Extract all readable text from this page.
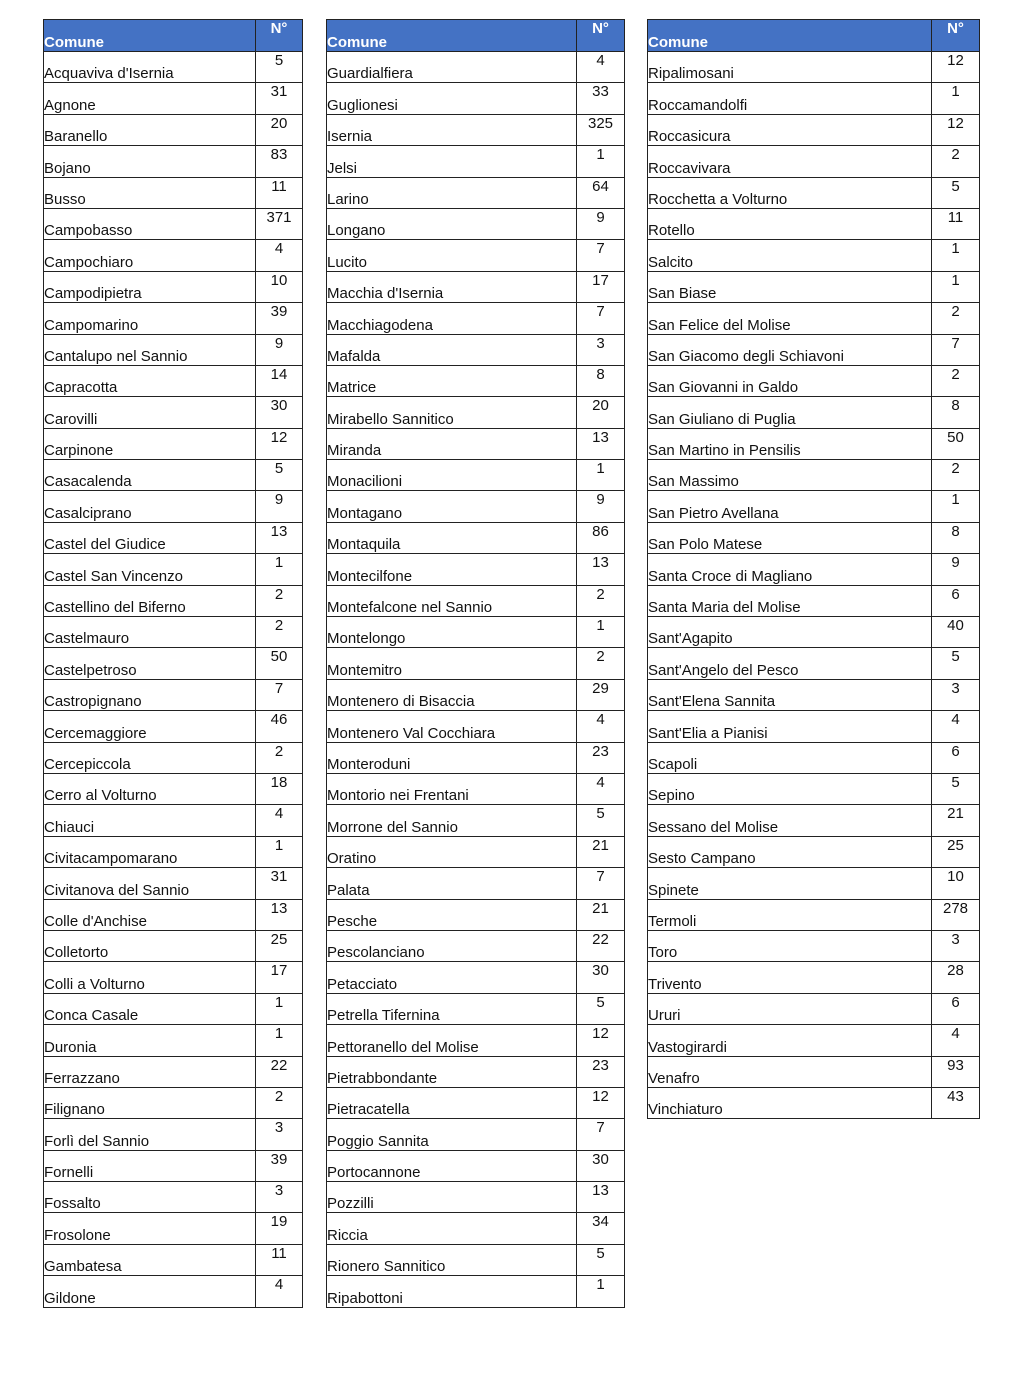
Comune	N°
Acquaviva d'Isernia	5
Agnone	31
Baranello	20
Bojano	83
Busso	11
Campobasso	371
Campochiaro	4
Campodipietra	10
Campomarino	39
Cantalupo nel Sannio	9
Capracotta	14
Carovilli	30
Carpinone	12
Casacalenda	5
Casalciprano	9
Castel del Giudice	13
Castel San Vincenzo	1
Castellino del Biferno	2
Castelmauro	2
Castelpetroso	50
Castropignano	7
Cercemaggiore	46
Cercepiccola	2
Cerro al Volturno	18
Chiauci	4
Civitacampomarano	1
Civitanova del Sannio	31
Colle d'Anchise	13
Colletorto	25
Colli a Volturno	17
Conca Casale	1
Duronia	1
Ferrazzano	22
Filignano	2
Forlì del Sannio	3
Fornelli	39
Fossalto	3
Frosolone	19
Gambatesa	11
Gildone	4
Comune	N°
Guardialfiera	4
Guglionesi	33
Isernia	325
Jelsi	1
Larino	64
Longano	9
Lucito	7
Macchia d'Isernia	17
Macchiagodena	7
Mafalda	3
Matrice	8
Mirabello Sannitico	20
Miranda	13
Monacilioni	1
Montagano	9
Montaquila	86
Montecilfone	13
Montefalcone nel Sannio	2
Montelongo	1
Montemitro	2
Montenero di Bisaccia	29
Montenero Val Cocchiara	4
Monteroduni	23
Montorio nei Frentani	4
Morrone del Sannio	5
Oratino	21
Palata	7
Pesche	21
Pescolanciano	22
Petacciato	30
Petrella Tifernina	5
Pettoranello del Molise	12
Pietrabbondante	23
Pietracatella	12
Poggio Sannita	7
Portocannone	30
Pozzilli	13
Riccia	34
Rionero Sannitico	5
Ripabottoni	1
Comune	N°
Ripalimosani	12
Roccamandolfi	1
Roccasicura	12
Roccavivara	2
Rocchetta a Volturno	5
Rotello	11
Salcito	1
San Biase	1
San Felice del Molise	2
San Giacomo degli Schiavoni	7
San Giovanni in Galdo	2
San Giuliano di Puglia	8
San Martino in Pensilis	50
San Massimo	2
San Pietro Avellana	1
San Polo Matese	8
Santa Croce di Magliano	9
Santa Maria del Molise	6
Sant'Agapito	40
Sant'Angelo del Pesco	5
Sant'Elena Sannita	3
Sant'Elia a Pianisi	4
Scapoli	6
Sepino	5
Sessano del Molise	21
Sesto Campano	25
Spinete	10
Termoli	278
Toro	3
Trivento	28
Ururi	6
Vastogirardi	4
Venafro	93
Vinchiaturo	43
